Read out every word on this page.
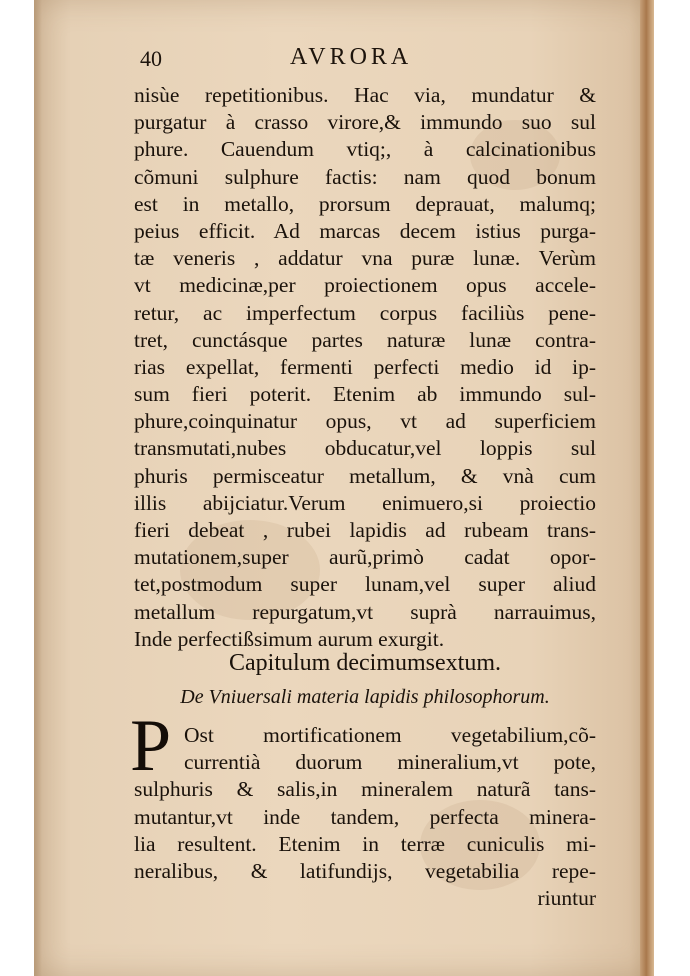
40	AVRORA
nisùe repetitionibus. Hac via, mundatur &
purgatur à crasso virore,& immundo suo sul
phure. Cauendum vtiq;, à calcinationibus
cõmuni sulphure factis: nam quod bonum
est in metallo, prorsum deprauat, malumq;
peius efficit. Ad marcas decem istius purga-
tæ veneris , addatur vna puræ lunæ. Verùm
vt medicinæ,per proiectionem opus accele-
retur, ac imperfectum corpus faciliùs pene-
tret, cunctásque partes naturæ lunæ contra-
rias expellat, fermenti perfecti medio id ip-
sum fieri poterit. Etenim ab immundo sul-
phure,coinquinatur opus, vt ad superficiem
transmutati,nubes obducatur,vel loppis sul
phuris permisceatur metallum, & vnà cum
illis abijciatur.Verum enimuero,si proiectio
fieri debeat , rubei lapidis ad rubeam trans-
mutationem,super aurũ,primò cadat opor-
tet,postmodum super lunam,vel super aliud
metallum repurgatum,vt suprà narrauimus,
Inde perfectißsimum aurum exurgit.
Capitulum decimumsextum.
De Vniuersali materia lapidis philosophorum.
P Ost mortificationem vegetabilium,cõ-
currentià duorum mineralium,vt pote,
sulphuris & salis,in mineralem naturã tans-
mutantur,vt inde tandem, perfecta minera-
lia resultent. Etenim in terræ cuniculis mi-
neralibus, & latifundijs, vegetabilia repe-
riuntur
